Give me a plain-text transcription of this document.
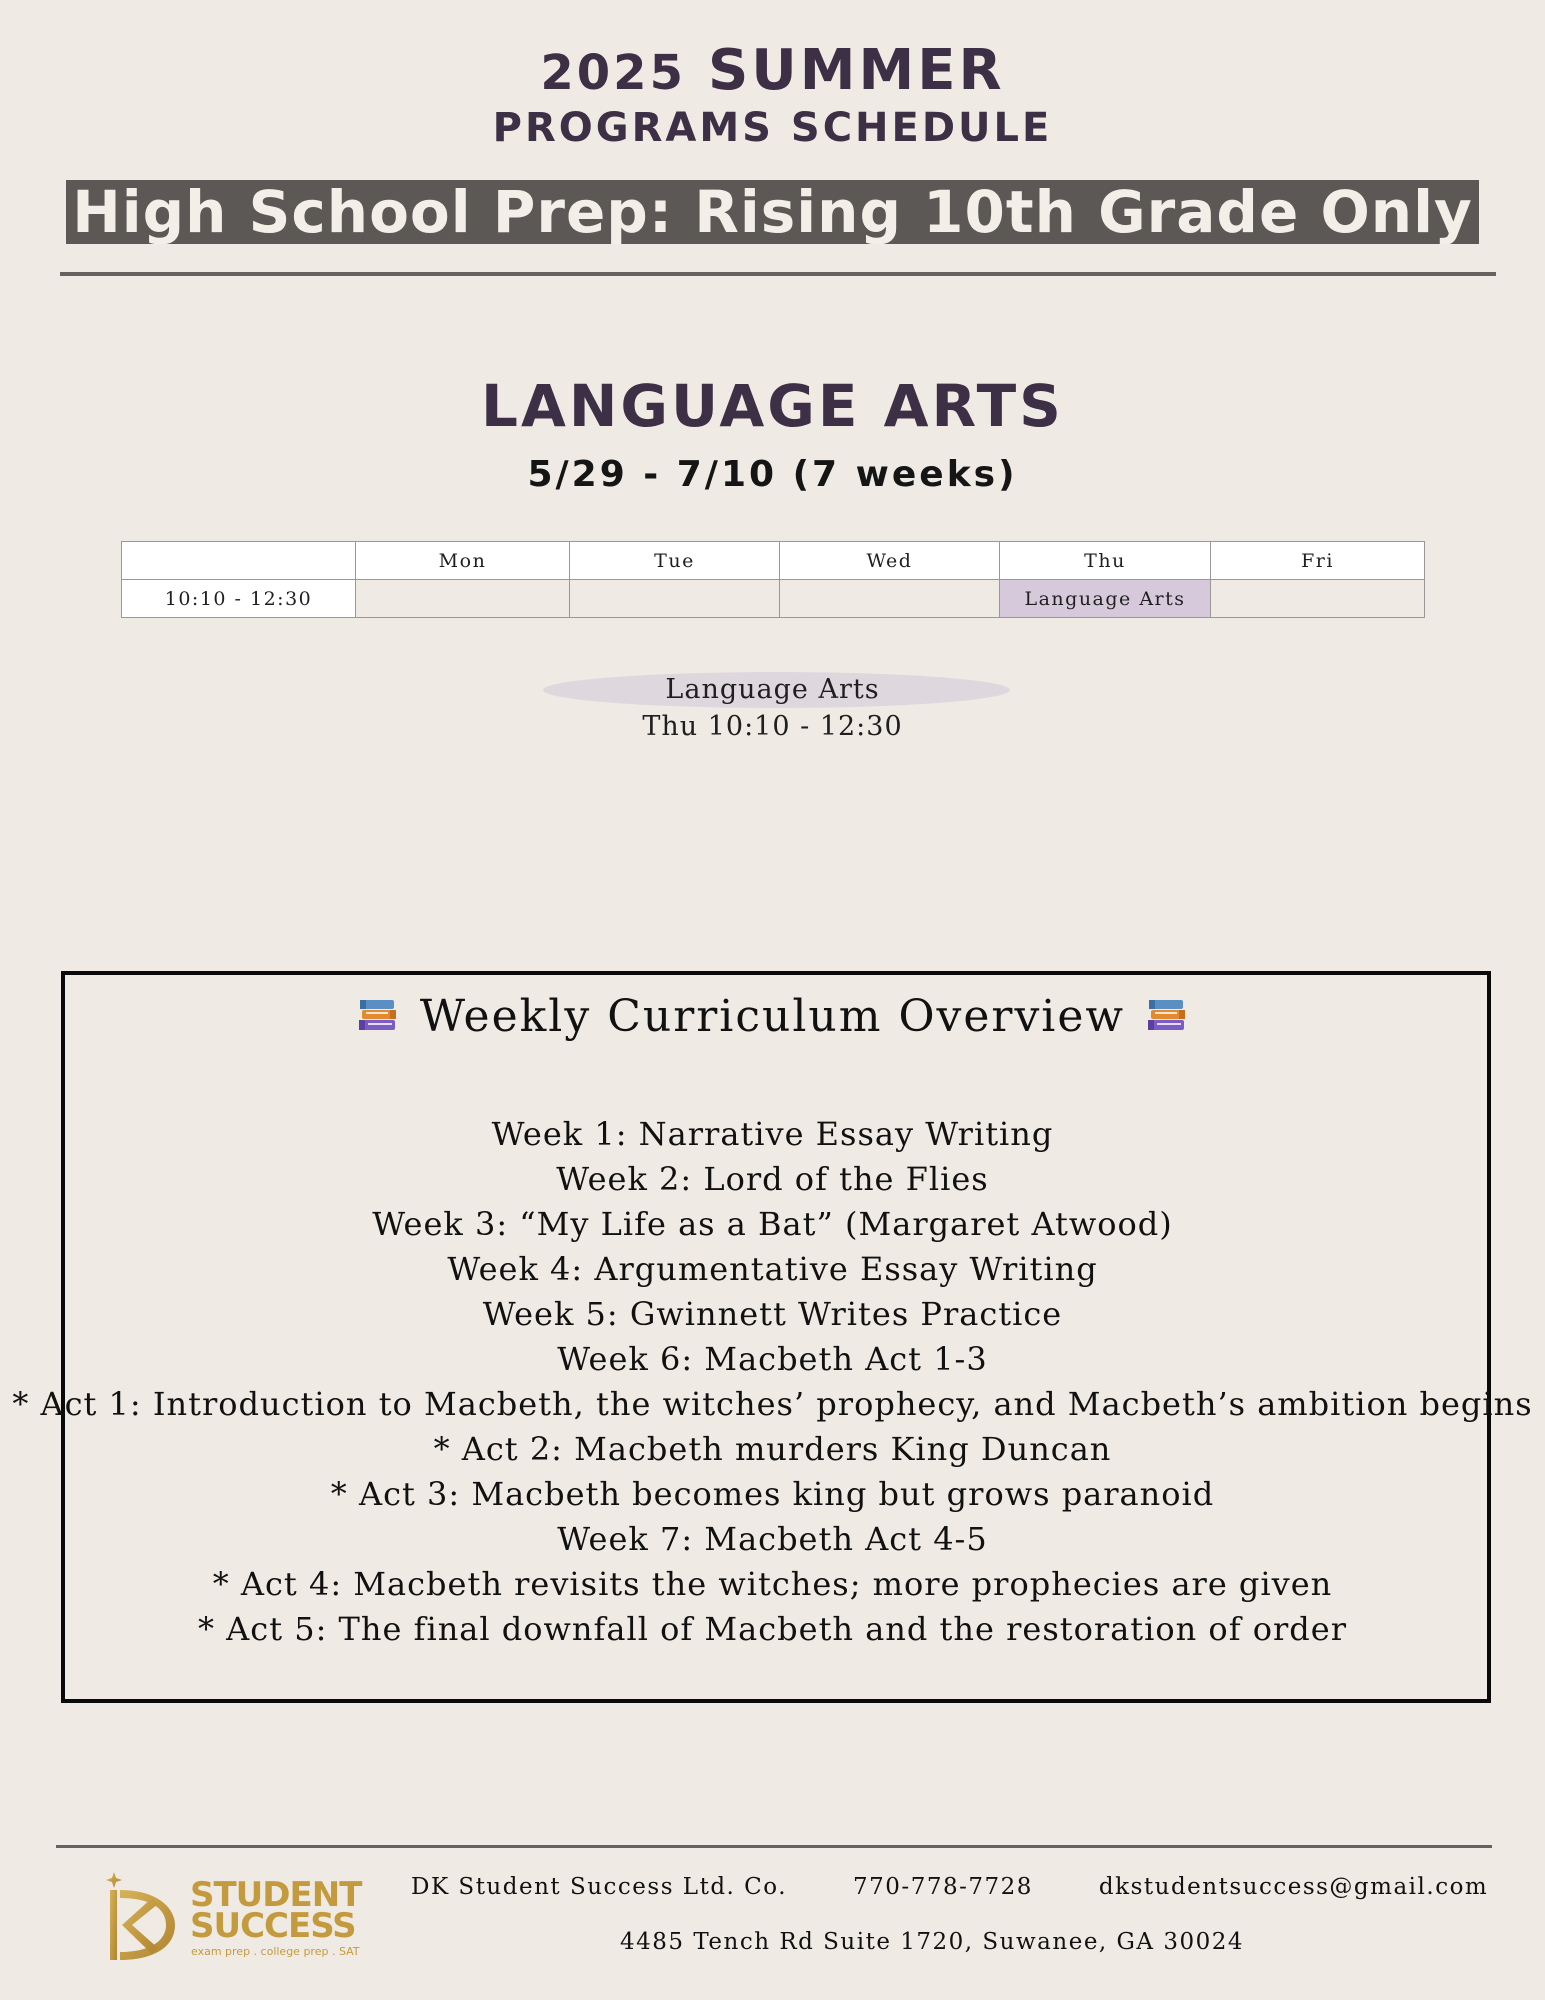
2025 SUMMER
PROGRAMS SCHEDULE
High School Prep: Rising 10th Grade Only
LANGUAGE ARTS
5/29 - 7/10 (7 weeks)
	Mon	Tue	Wed	Thu	Fri
10:10 - 12:30				Language Arts	
Language Arts
Thu 10:10 - 12:30
Weekly Curriculum Overview
Week 1: Narrative Essay Writing
Week 2: Lord of the Flies
Week 3: “My Life as a Bat” (Margaret Atwood)
Week 4: Argumentative Essay Writing
Week 5: Gwinnett Writes Practice
Week 6: Macbeth Act 1-3
* Act 1: Introduction to Macbeth, the witches’ prophecy, and Macbeth’s ambition begins
* Act 2: Macbeth murders King Duncan
* Act 3: Macbeth becomes king but grows paranoid
Week 7: Macbeth Act 4-5
* Act 4: Macbeth revisits the witches; more prophecies are given
* Act 5: The final downfall of Macbeth and the restoration of order
STUDENT
SUCCESS
exam prep . college prep . SAT
DK Student Success Ltd. Co.	770-778-7728	dkstudentsuccess@gmail.com
4485 Tench Rd Suite 1720, Suwanee, GA 30024
